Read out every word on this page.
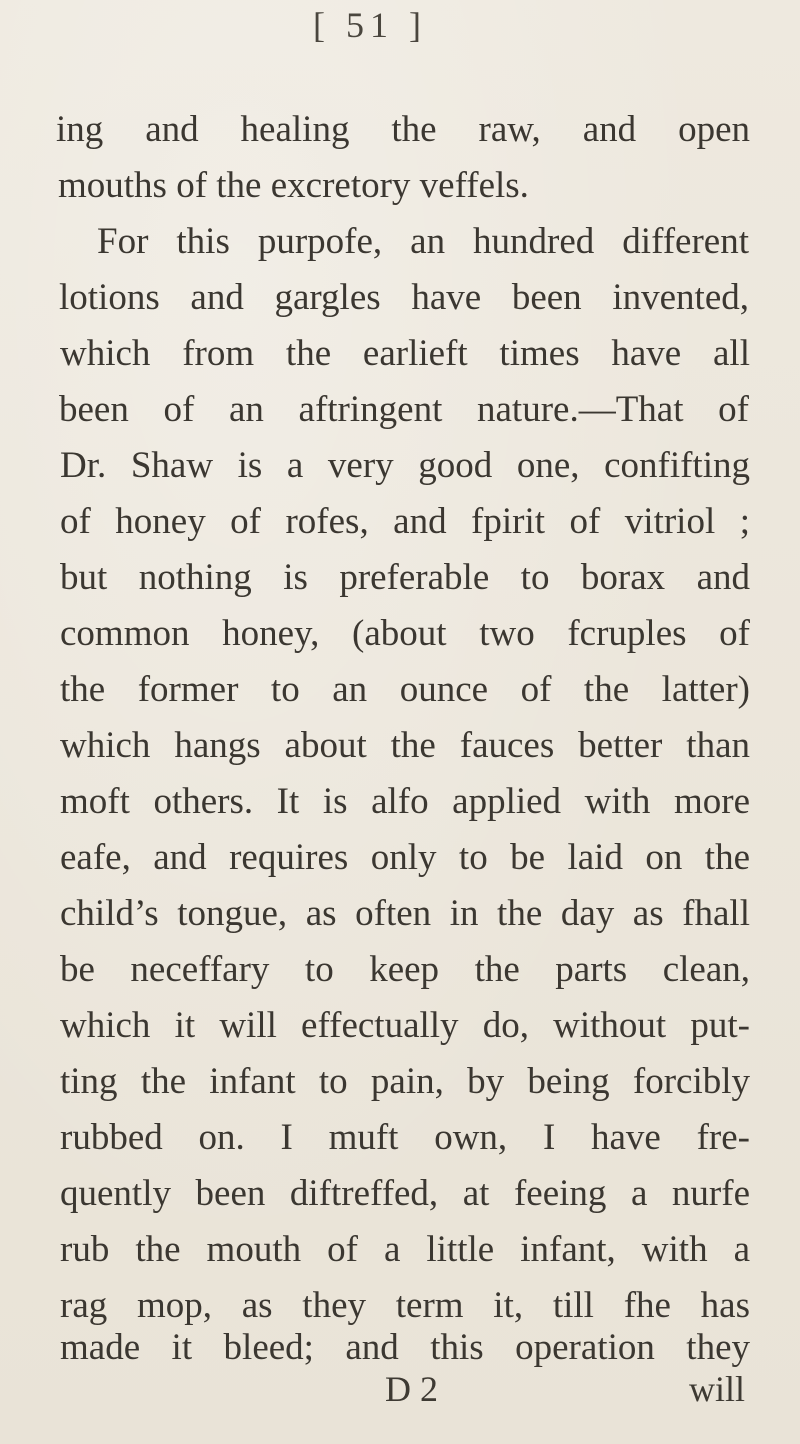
[ 51 ]
ing and healing the raw, and open
mouths of the excretory veffels.
For this purpofe, an hundred different
lotions and gargles have been invented,
which from the earlieft times have all
been of an aftringent nature.—That of
Dr. Shaw is a very good one, confifting
of honey of rofes, and fpirit of vitriol ;
but nothing is preferable to borax and
common honey, (about two fcruples of
the former to an ounce of the latter)
which hangs about the fauces better than
moft others. It is alfo applied with more
eafe, and requires only to be laid on the
child’s tongue, as often in the day as fhall
be neceffary to keep the parts clean,
which it will effectually do, without put-
ting the infant to pain, by being forcibly
rubbed on. I muft own, I have fre-
quently been diftreffed, at feeing a nurfe
rub the mouth of a little infant, with a
rag mop, as they term it, till fhe has
made it bleed; and this operation they
D 2	will
